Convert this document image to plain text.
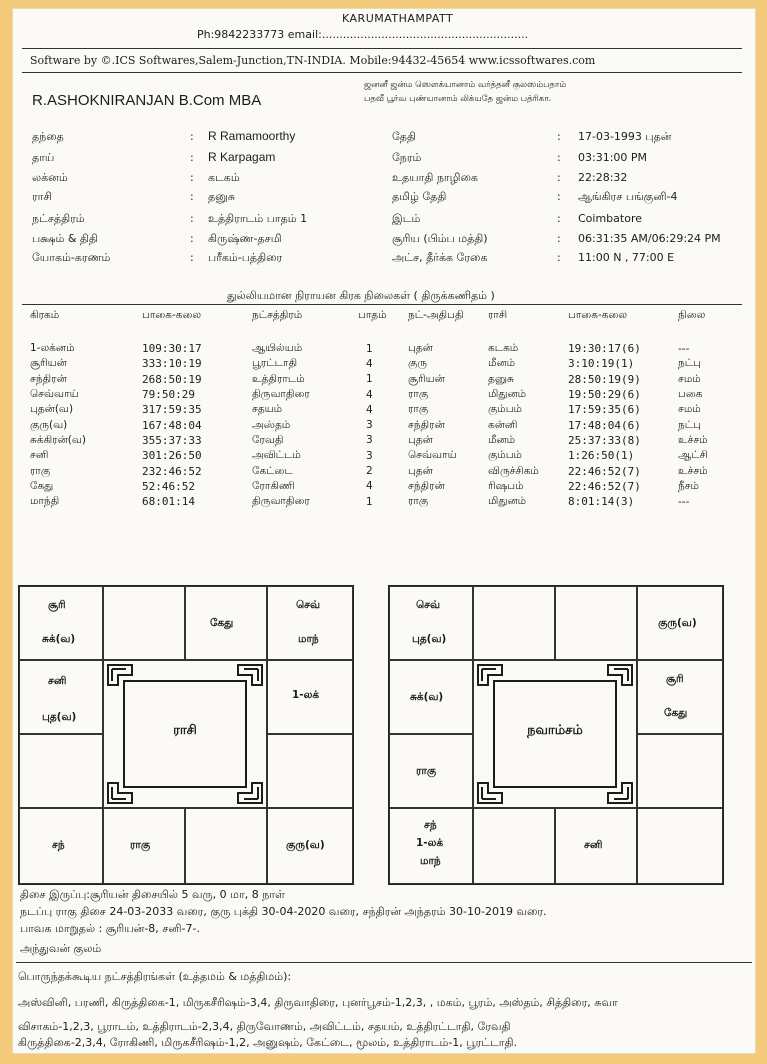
KARUMATHAMPATT
Ph:9842233773 email:...........................................................
Software by ©.ICS Softwares,Salem-Junction,TN-INDIA. Mobile:94432-45654 www.icssoftwares.com
ஜனனீ ஜன்ம ஸௌக்யானாம் வர்த்தனீ குலஸம்பதாம்
பதவீ பூர்வ புண்யானாம் லிக்யதே ஜன்ம பத்ரிகா.
R.ASHOKNIRANJAN B.Com MBA
தந்தை	: R Ramamoorthy
தாய்	: R Karpagam
லக்னம்	: கடகம்
ராசி	: தனுசு
நட்சத்திரம்	: உத்திராடம் பாதம் 1
பக்ஷம் & திதி	: கிருஷ்ண-தசமி
யோகம்-கரணம்	: பரீகம்-பத்திரை
தேதி	: 17-03-1993 புதன்
நேரம்	: 03:31:00 PM
உதயாதி நாழிகை	: 22:28:32
தமிழ் தேதி	: ஆங்கிரச பங்குனி-4
இடம்	: Coimbatore
சூரிய (பிம்ப மத்தி)	: 06:31:35 AM/06:29:24 PM
அட்ச, தீர்க்க ரேகை	: 11:00 N , 77:00 E
துல்லியமான நிராயன கிரக நிலைகள் ( திருக்கணிதம் )
கிரகம்	பாகை-கலை	நட்சத்திரம்	பாதம்	நட்-அதிபதி	ராசி	பாகை-கலை	நிலை

1-லக்னம்	109:30:17	ஆயில்யம்	1	புதன்	கடகம்	19:30:17(6)	---
சூரியன்	333:10:19	பூரட்டாதி	4	குரு	மீனம்	3:10:19(1)	நட்பு
சந்திரன்	268:50:19	உத்திராடம்	1	சூரியன்	தனுசு	28:50:19(9)	சமம்
செவ்வாய்	79:50:29	திருவாதிரை	4	ராகு	மிதுனம்	19:50:29(6)	பகை
புதன்(வ)	317:59:35	சதயம்	4	ராகு	கும்பம்	17:59:35(6)	சமம்
குரு(வ)	167:48:04	அஸ்தம்	3	சந்திரன்	கன்னி	17:48:04(6)	நட்பு
சுக்கிரன்(வ)	355:37:33	ரேவதி	3	புதன்	மீனம்	25:37:33(8)	உச்சம்
சனி	301:26:50	அவிட்டம்	3	செவ்வாய்	கும்பம்	1:26:50(1)	ஆட்சி
ராகு	232:46:52	கேட்டை	2	புதன்	விருச்சிகம்	22:46:52(7)	உச்சம்
கேது	52:46:52	ரோகிணி	4	சந்திரன்	ரிஷபம்	22:46:52(7)	நீசம்
மாந்தி	68:01:14	திருவாதிரை	1	ராகு	மிதுனம்	8:01:14(3)	---
சூரி
சுக்(வ)
கேது
செவ்
மாந்
சனி
புத(வ)
1-லக்
சந்	ராகு	குரு(வ)
ராசி
செவ்
புத(வ)
குரு(வ)
சுக்(வ)
சூரி
கேது
ராகு
சந்
1-லக்
மாந்
சனி
நவாம்சம்
திசை இருப்பு:சூரியன் திசையில் 5 வரு, 0 மா, 8 நாள்
நடப்பு ராகு திசை 24-03-2033 வரை, குரு புக்தி 30-04-2020 வரை, சந்திரன் அந்தரம் 30-10-2019 வரை.
பாவக மாறுதல் : சூரியன்-8, சனி-7-.
அந்துவன் குலம்
பொருந்தக்கூடிய நட்சத்திரங்கள் (உத்தமம் & மத்திமம்):
அஸ்வினி, பரணி, கிருத்திகை-1, மிருகசீரிஷம்-3,4, திருவாதிரை, புனர்பூசம்-1,2,3, , மகம், பூரம், அஸ்தம், சித்திரை, சுவா
விசாகம்-1,2,3, பூராடம், உத்திராடம்-2,3,4, திருவோணம், அவிட்டம், சதயம், உத்திரட்டாதி, ரேவதி
கிருத்திகை-2,3,4, ரோகிணி, மிருகசீரிஷம்-1,2, அனுஷம், கேட்டை, மூலம், உத்திராடம்-1, பூரட்டாதி.
